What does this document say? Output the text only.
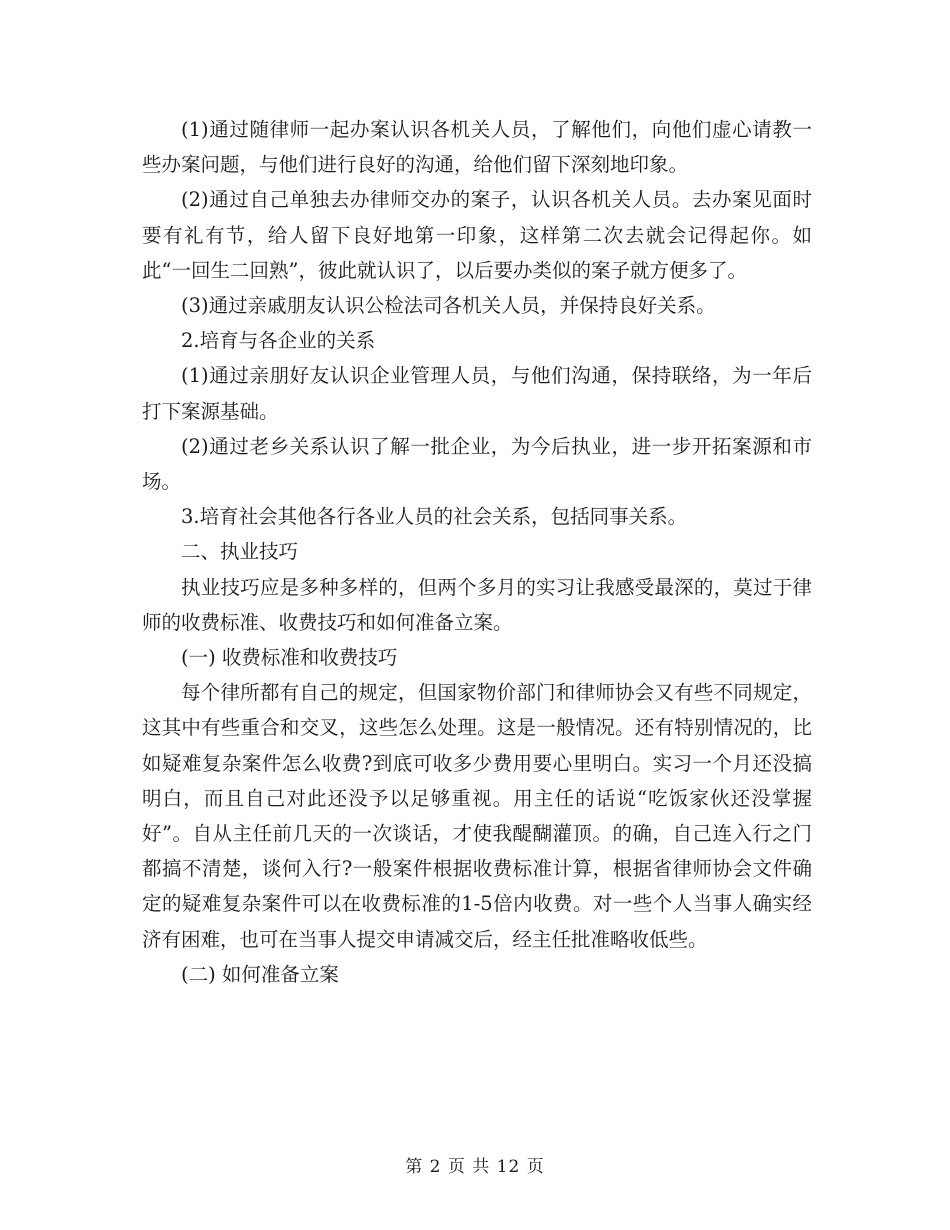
(1)通过随律师一起办案认识各机关人员，了解他们，向他们虚心请教一些办案问题，与他们进行良好的沟通，给他们留下深刻地印象。

(2)通过自己单独去办律师交办的案子，认识各机关人员。去办案见面时要有礼有节，给人留下良好地第一印象，这样第二次去就会记得起你。如此“一回生二回熟”，彼此就认识了，以后要办类似的案子就方便多了。

(3)通过亲戚朋友认识公检法司各机关人员，并保持良好关系。

2.培育与各企业的关系

(1)通过亲朋好友认识企业管理人员，与他们沟通，保持联络，为一年后打下案源基础。

(2)通过老乡关系认识了解一批企业，为今后执业，进一步开拓案源和市场。

3.培育社会其他各行各业人员的社会关系，包括同事关系。

二、执业技巧

执业技巧应是多种多样的，但两个多月的实习让我感受最深的，莫过于律师的收费标准、收费技巧和如何准备立案。

(一) 收费标准和收费技巧

每个律所都有自己的规定，但国家物价部门和律师协会又有些不同规定，这其中有些重合和交叉，这些怎么处理。这是一般情况。还有特别情况的，比如疑难复杂案件怎么收费?到底可收多少费用要心里明白。实习一个月还没搞明白，而且自己对此还没予以足够重视。用主任的话说“吃饭家伙还没掌握好”。自从主任前几天的一次谈话，才使我醍醐灌顶。的确，自己连入行之门都搞不清楚，谈何入行?一般案件根据收费标准计算，根据省律师协会文件确定的疑难复杂案件可以在收费标准的1-5倍内收费。对一些个人当事人确实经济有困难，也可在当事人提交申请减交后，经主任批准略收低些。

(二) 如何准备立案

第 2 页 共 12 页
